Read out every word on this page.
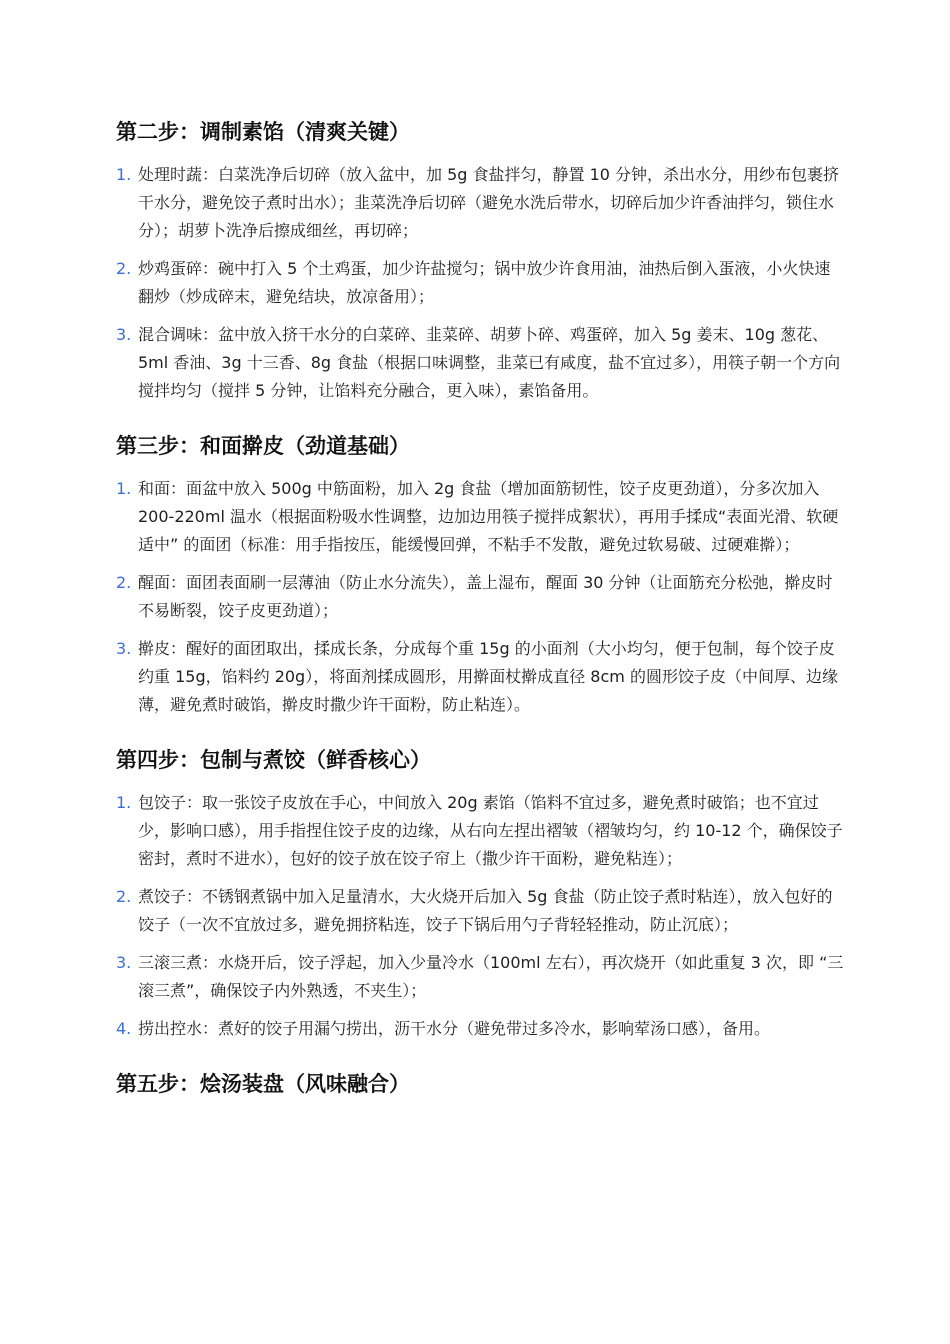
第二步：调制素馅（清爽关键）
1. 处理时蔬：白菜洗净后切碎（放入盆中，加 5g 食盐拌匀，静置 10 分钟，杀出水分，用纱布包裹挤干水分，避免饺子煮时出水）；韭菜洗净后切碎（避免水洗后带水，切碎后加少许香油拌匀，锁住水分）；胡萝卜洗净后擦成细丝，再切碎；
2. 炒鸡蛋碎：碗中打入 5 个土鸡蛋，加少许盐搅匀；锅中放少许食用油，油热后倒入蛋液，小火快速翻炒（炒成碎末，避免结块，放凉备用）；
3. 混合调味：盆中放入挤干水分的白菜碎、韭菜碎、胡萝卜碎、鸡蛋碎，加入 5g 姜末、10g 葱花、5ml 香油、3g 十三香、8g 食盐（根据口味调整，韭菜已有咸度，盐不宜过多），用筷子朝一个方向搅拌均匀（搅拌 5 分钟，让馅料充分融合，更入味），素馅备用。
第三步：和面擀皮（劲道基础）
1. 和面：面盆中放入 500g 中筋面粉，加入 2g 食盐（增加面筋韧性，饺子皮更劲道），分多次加入 200-220ml 温水（根据面粉吸水性调整，边加边用筷子搅拌成絮状），再用手揉成“表面光滑、软硬适中” 的面团（标准：用手指按压，能缓慢回弹，不粘手不发散，避免过软易破、过硬难擀）；
2. 醒面：面团表面刷一层薄油（防止水分流失），盖上湿布，醒面 30 分钟（让面筋充分松弛，擀皮时不易断裂，饺子皮更劲道）；
3. 擀皮：醒好的面团取出，揉成长条，分成每个重 15g 的小面剂（大小均匀，便于包制，每个饺子皮约重 15g，馅料约 20g），将面剂揉成圆形，用擀面杖擀成直径 8cm 的圆形饺子皮（中间厚、边缘薄，避免煮时破馅，擀皮时撒少许干面粉，防止粘连）。
第四步：包制与煮饺（鲜香核心）
1. 包饺子：取一张饺子皮放在手心，中间放入 20g 素馅（馅料不宜过多，避免煮时破馅；也不宜过少，影响口感），用手指捏住饺子皮的边缘，从右向左捏出褶皱（褶皱均匀，约 10-12 个，确保饺子密封，煮时不进水），包好的饺子放在饺子帘上（撒少许干面粉，避免粘连）；
2. 煮饺子：不锈钢煮锅中加入足量清水，大火烧开后加入 5g 食盐（防止饺子煮时粘连），放入包好的饺子（一次不宜放过多，避免拥挤粘连，饺子下锅后用勺子背轻轻推动，防止沉底）；
3. 三滚三煮：水烧开后，饺子浮起，加入少量冷水（100ml 左右），再次烧开（如此重复 3 次，即 “三滚三煮”，确保饺子内外熟透，不夹生）；
4. 捞出控水：煮好的饺子用漏勺捞出，沥干水分（避免带过多冷水，影响荤汤口感），备用。
第五步：烩汤装盘（风味融合）
